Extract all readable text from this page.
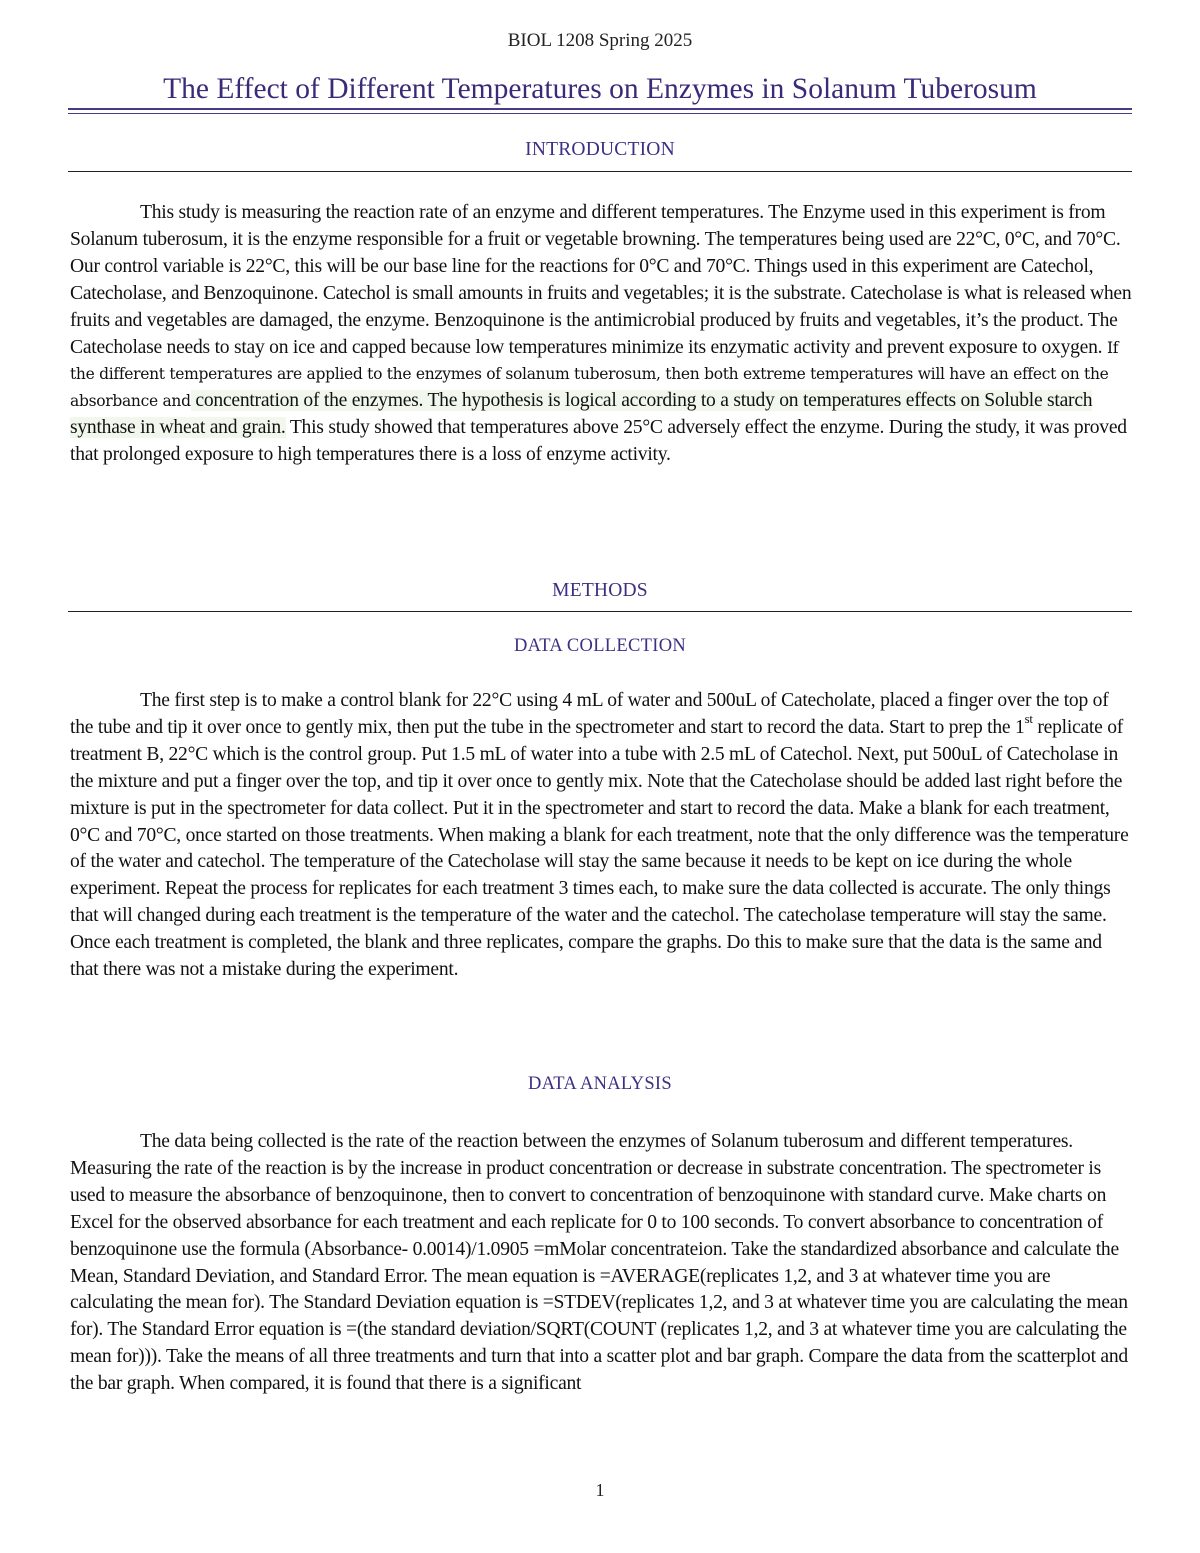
BIOL 1208 Spring 2025
The Effect of Different Temperatures on Enzymes in Solanum Tuberosum
INTRODUCTION

This study is measuring the reaction rate of an enzyme and different temperatures. The Enzyme used in this experiment is from Solanum tuberosum, it is the enzyme responsible for a fruit or vegetable browning. The temperatures being used are 22°C, 0°C, and 70°C. Our control variable is 22°C, this will be our base line for the reactions for 0°C and 70°C. Things used in this experiment are Catechol, Catecholase, and Benzoquinone. Catechol is small amounts in fruits and vegetables; it is the substrate. Catecholase is what is released when fruits and vegetables are damaged, the enzyme. Benzoquinone is the antimicrobial produced by fruits and vegetables, it’s the product. The Catecholase needs to stay on ice and capped because low temperatures minimize its enzymatic activity and prevent exposure to oxygen. If the different temperatures are applied to the enzymes of solanum tuberosum, then both extreme temperatures will have an effect on the absorbance and concentration of the enzymes. The hypothesis is logical according to a study on temperatures effects on Soluble starch synthase in wheat and grain. This study showed that temperatures above 25°C adversely effect the enzyme. During the study, it was proved that prolonged exposure to high temperatures there is a loss of enzyme activity.

METHODS
DATA COLLECTION

The first step is to make a control blank for 22°C using 4 mL of water and 500uL of Catecholate, placed a finger over the top of the tube and tip it over once to gently mix, then put the tube in the spectrometer and start to record the data. Start to prep the 1st replicate of treatment B, 22°C which is the control group. Put 1.5 mL of water into a tube with 2.5 mL of Catechol. Next, put 500uL of Catecholase in the mixture and put a finger over the top, and tip it over once to gently mix. Note that the Catecholase should be added last right before the mixture is put in the spectrometer for data collect. Put it in the spectrometer and start to record the data. Make a blank for each treatment, 0°C and 70°C, once started on those treatments. When making a blank for each treatment, note that the only difference was the temperature of the water and catechol. The temperature of the Catecholase will stay the same because it needs to be kept on ice during the whole experiment. Repeat the process for replicates for each treatment 3 times each, to make sure the data collected is accurate. The only things that will changed during each treatment is the temperature of the water and the catechol. The catecholase temperature will stay the same. Once each treatment is completed, the blank and three replicates, compare the graphs. Do this to make sure that the data is the same and that there was not a mistake during the experiment.

DATA ANALYSIS

The data being collected is the rate of the reaction between the enzymes of Solanum tuberosum and different temperatures. Measuring the rate of the reaction is by the increase in product concentration or decrease in substrate concentration. The spectrometer is used to measure the absorbance of benzoquinone, then to convert to concentration of benzoquinone with standard curve. Make charts on Excel for the observed absorbance for each treatment and each replicate for 0 to 100 seconds. To convert absorbance to concentration of benzoquinone use the formula (Absorbance- 0.0014)/1.0905 =mMolar concentrateion. Take the standardized absorbance and calculate the Mean, Standard Deviation, and Standard Error. The mean equation is =AVERAGE(replicates 1,2, and 3 at whatever time you are calculating the mean for). The Standard Deviation equation is =STDEV(replicates 1,2, and 3 at whatever time you are calculating the mean for). The Standard Error equation is =(the standard deviation/SQRT(COUNT (replicates 1,2, and 3 at whatever time you are calculating the mean for))). Take the means of all three treatments and turn that into a scatter plot and bar graph. Compare the data from the scatterplot and the bar graph. When compared, it is found that there is a significant

1
